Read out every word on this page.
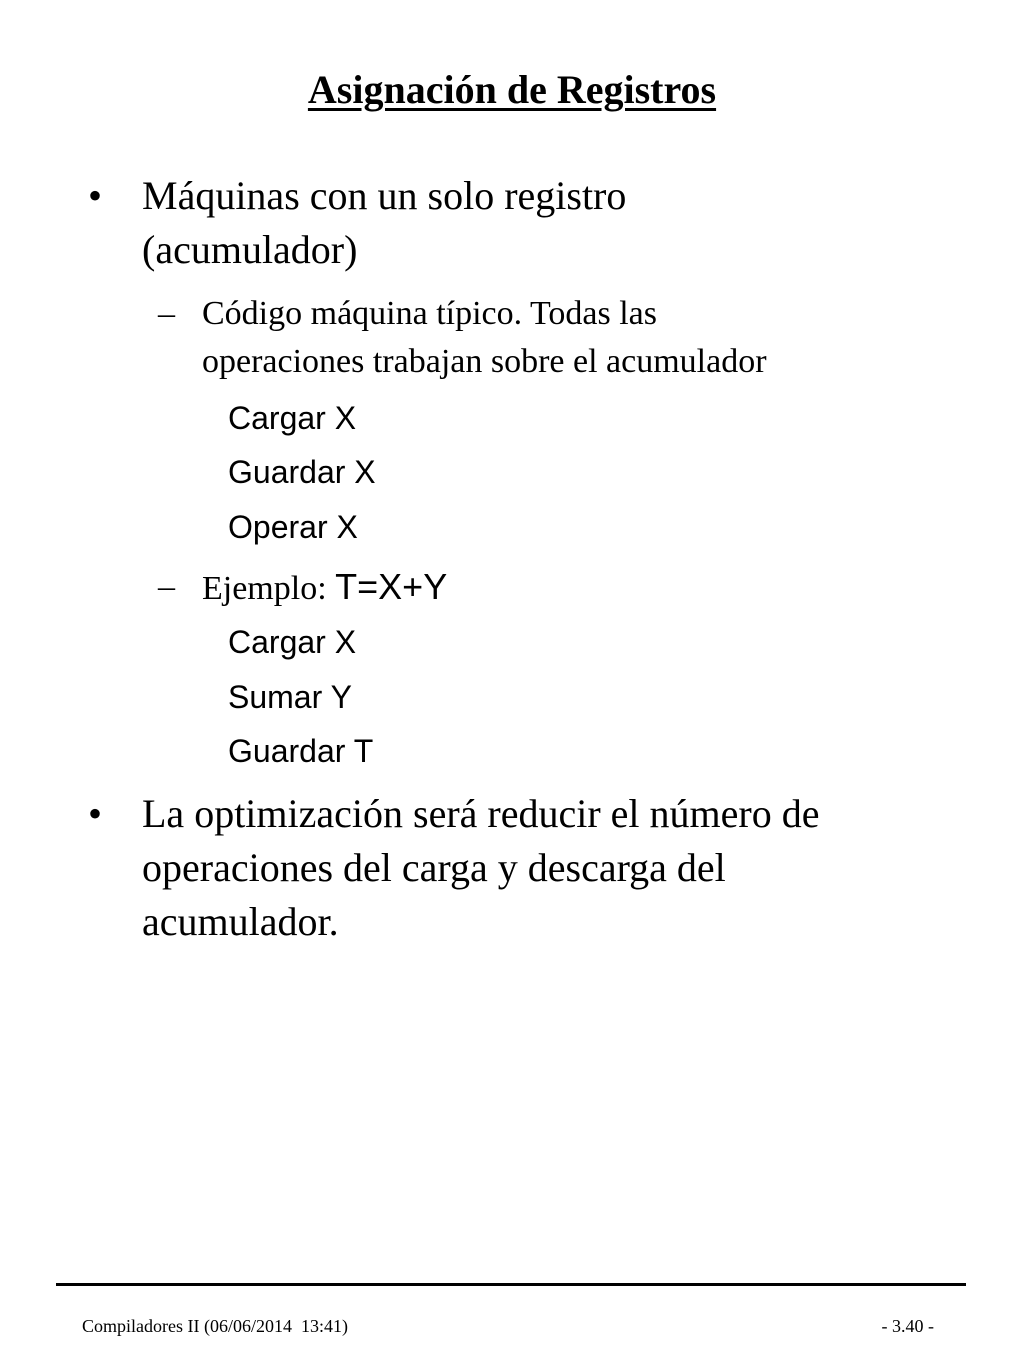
Asignación de Registros
• Máquinas con un solo registro
(acumulador)
– Código máquina típico. Todas las
operaciones trabajan sobre el acumulador
Cargar X
Guardar X
Operar X
– Ejemplo: T=X+Y
Cargar X
Sumar Y
Guardar T
• La optimización será reducir el número de
operaciones del carga y descarga del
acumulador.
Compiladores II (06/06/2014  13:41)	- 3.40 -
